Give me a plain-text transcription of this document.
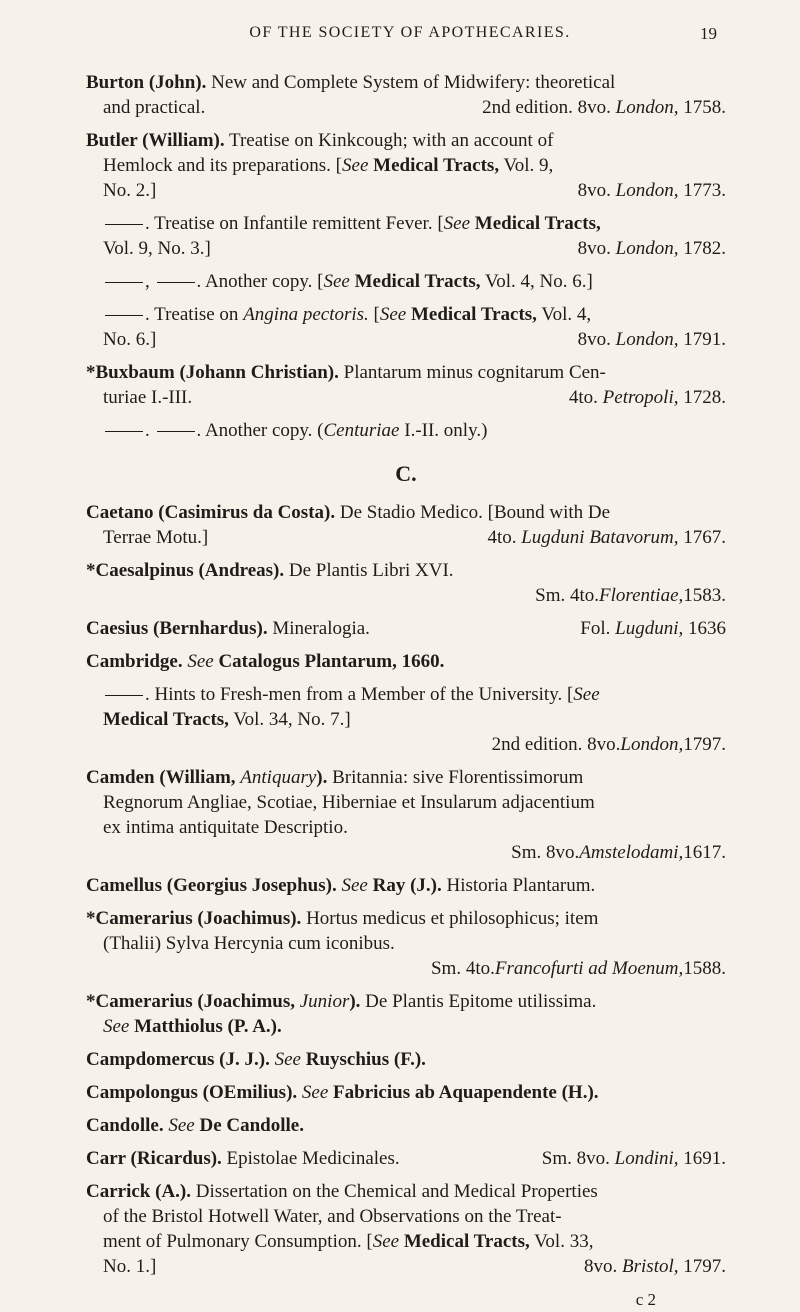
OF THE SOCIETY OF APOTHECARIES.	19
Burton (John). New and Complete System of Midwifery: theoretical
and practical.	2nd edition. 8vo. London, 1758.
Butler (William). Treatise on Kinkcough; with an account of
Hemlock and its preparations. [See Medical Tracts, Vol. 9,
No. 2.]	8vo. London, 1773.
. Treatise on Infantile remittent Fever. [See Medical Tracts,
Vol. 9, No. 3.]	8vo. London, 1782.
, . Another copy. [See Medical Tracts, Vol. 4, No. 6.]
. Treatise on Angina pectoris. [See Medical Tracts, Vol. 4,
No. 6.]	8vo. London, 1791.
*Buxbaum (Johann Christian). Plantarum minus cognitarum Cen-
turiae I.-III.	4to. Petropoli, 1728.
. . Another copy. (Centuriae I.-II. only.)
C.
Caetano (Casimirus da Costa). De Stadio Medico. [Bound with De
Terrae Motu.]	4to. Lugduni Batavorum, 1767.
*Caesalpinus (Andreas). De Plantis Libri XVI.
Sm. 4to. Florentiae, 1583.
Caesius (Bernhardus). Mineralogia.	Fol. Lugduni, 1636
Cambridge. See Catalogus Plantarum, 1660.
. Hints to Fresh-men from a Member of the University. [See
Medical Tracts, Vol. 34, No. 7.]
2nd edition. 8vo. London, 1797.
Camden (William, Antiquary). Britannia: sive Florentissimorum
Regnorum Angliae, Scotiae, Hiberniae et Insularum adjacentium
ex intima antiquitate Descriptio.
Sm. 8vo. Amstelodami, 1617.
Camellus (Georgius Josephus). See Ray (J.). Historia Plantarum.
*Camerarius (Joachimus). Hortus medicus et philosophicus; item
(Thalii) Sylva Hercynia cum iconibus.
Sm. 4to. Francofurti ad Moenum, 1588.
*Camerarius (Joachimus, Junior). De Plantis Epitome utilissima.
See Matthiolus (P. A.).
Campdomercus (J. J.). See Ruyschius (F.).
Campolongus (OEmilius). See Fabricius ab Aquapendente (H.).
Candolle. See De Candolle.
Carr (Ricardus). Epistolae Medicinales.	Sm. 8vo. Londini, 1691.
Carrick (A.). Dissertation on the Chemical and Medical Properties
of the Bristol Hotwell Water, and Observations on the Treat-
ment of Pulmonary Consumption. [See Medical Tracts, Vol. 33,
No. 1.]	8vo. Bristol, 1797.
c 2
